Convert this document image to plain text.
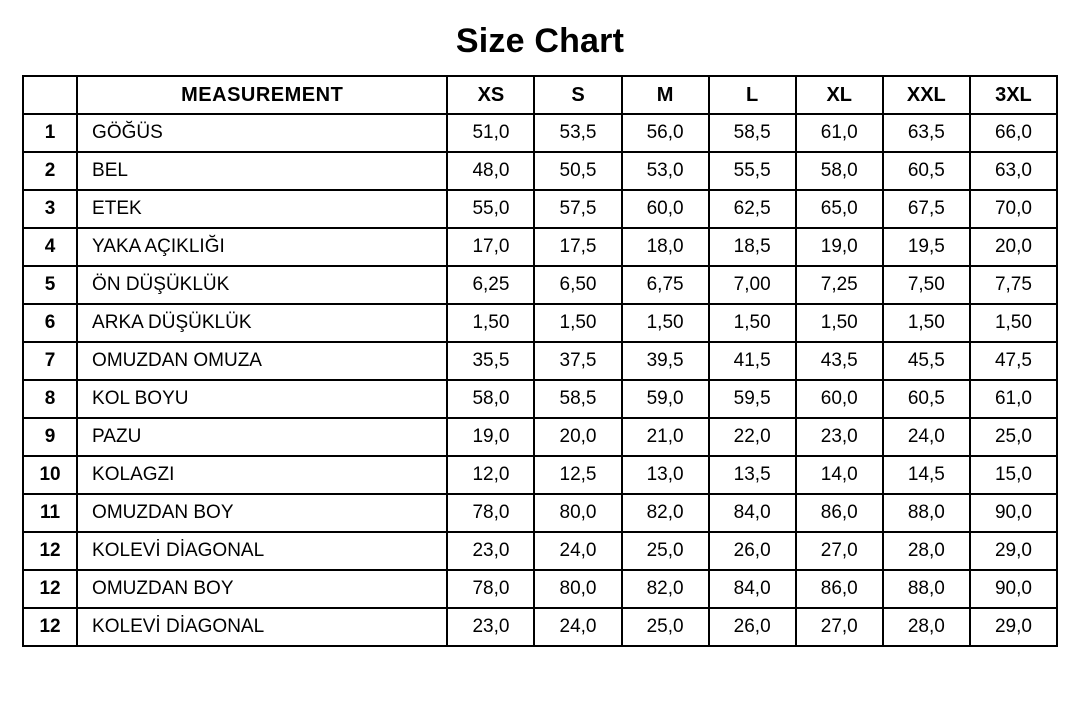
Size Chart
	MEASUREMENT	XS	S	M	L	XL	XXL	3XL
1	GÖĞÜS	51,0	53,5	56,0	58,5	61,0	63,5	66,0
2	BEL	48,0	50,5	53,0	55,5	58,0	60,5	63,0
3	ETEK	55,0	57,5	60,0	62,5	65,0	67,5	70,0
4	YAKA AÇIKLIĞI	17,0	17,5	18,0	18,5	19,0	19,5	20,0
5	ÖN DÜŞÜKLÜK	6,25	6,50	6,75	7,00	7,25	7,50	7,75
6	ARKA DÜŞÜKLÜK	1,50	1,50	1,50	1,50	1,50	1,50	1,50
7	OMUZDAN OMUZA	35,5	37,5	39,5	41,5	43,5	45,5	47,5
8	KOL BOYU	58,0	58,5	59,0	59,5	60,0	60,5	61,0
9	PAZU	19,0	20,0	21,0	22,0	23,0	24,0	25,0
10	KOLAGZI	12,0	12,5	13,0	13,5	14,0	14,5	15,0
11	OMUZDAN BOY	78,0	80,0	82,0	84,0	86,0	88,0	90,0
12	KOLEVİ DİAGONAL	23,0	24,0	25,0	26,0	27,0	28,0	29,0
12	OMUZDAN BOY	78,0	80,0	82,0	84,0	86,0	88,0	90,0
12	KOLEVİ DİAGONAL	23,0	24,0	25,0	26,0	27,0	28,0	29,0
